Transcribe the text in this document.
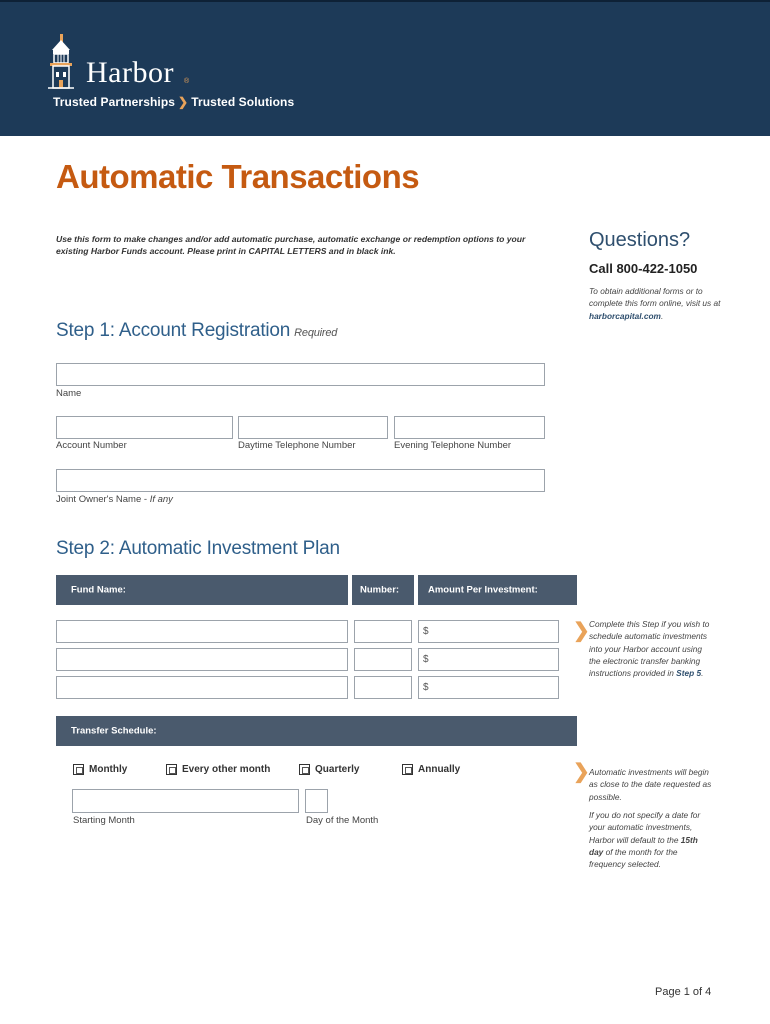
Harbor ®
Trusted Partnerships ❯ Trusted Solutions
Automatic Transactions
Use this form to make changes and/or add automatic purchase, automatic exchange or redemption options to your existing Harbor Funds account. Please print in CAPITAL LETTERS and in black ink.	Questions?
Call 800-422-1050
To obtain additional forms or to complete this form online, visit us at harborcapital.com.
Step 1: Account Registration Required
Name
Account Number	Daytime Telephone Number	Evening Telephone Number
Joint Owner's Name - If any
Step 2: Automatic Investment Plan
Fund Name:	Number:	Amount Per Investment:
$
$
$
❯ Complete this Step if you wish to schedule automatic investments into your Harbor account using the electronic transfer banking instructions provided in Step 5.
Transfer Schedule:
Monthly	Every other month	Quarterly	Annually
Starting Month	Day of the Month
❯ Automatic investments will begin as close to the date requested as possible.
If you do not specify a date for your automatic investments, Harbor will default to the 15th day of the month for the frequency selected.
Page 1 of 4
